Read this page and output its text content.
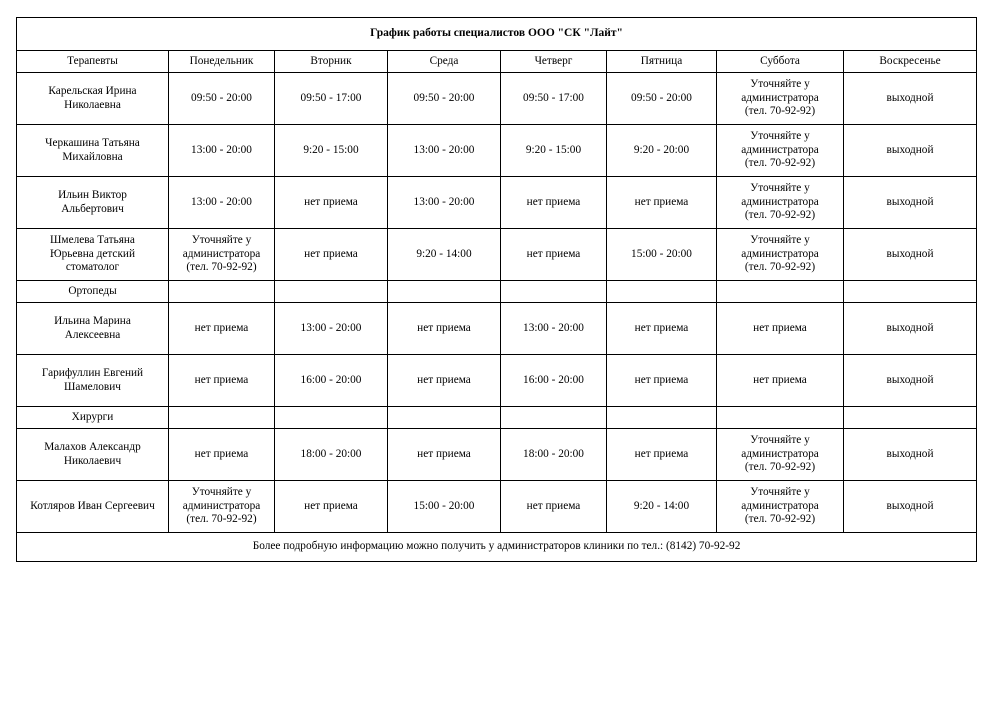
График работы специалистов ООО "СК "Лайт"							

Терапевты	Понедельник	Вторник	Среда	Четверг	Пятница	Суббота	Воскресенье

Карельская Ирина
Николаевна	09:50 - 20:00	09:50 - 17:00	09:50 - 20:00	09:50 - 17:00	09:50 - 20:00	Уточняйте у
администратора
(тел. 70-92-92)	выходной

Черкашина Татьяна
Михайловна	13:00 - 20:00	9:20 - 15:00	13:00 - 20:00	9:20 - 15:00	9:20 - 20:00	Уточняйте у
администратора
(тел. 70-92-92)	выходной

Ильин Виктор
Альбертович	13:00 - 20:00	нет приема	13:00 - 20:00	нет приема	нет приема	Уточняйте у
администратора
(тел. 70-92-92)	выходной

Шмелева Татьяна
Юрьевна детский
стоматолог	Уточняйте у
администратора
(тел. 70-92-92)	нет приема	9:20 - 14:00	нет приема	15:00 - 20:00	Уточняйте у
администратора
(тел. 70-92-92)	выходной

Ортопеды							

Ильина Марина
Алексеевна	нет приема	13:00 - 20:00	нет приема	13:00 - 20:00	нет приема	нет приема	выходной

Гарифуллин Евгений
Шамелович	нет приема	16:00 - 20:00	нет приема	16:00 - 20:00	нет приема	нет приема	выходной

Хирурги							

Малахов Александр
Николаевич	нет приема	18:00 - 20:00	нет приема	18:00 - 20:00	нет приема	Уточняйте у
администратора
(тел. 70-92-92)	выходной

Котляров Иван Сергеевич	Уточняйте у
администратора
(тел. 70-92-92)	нет приема	15:00 - 20:00	нет приема	9:20 - 14:00	Уточняйте у
администратора
(тел. 70-92-92)	выходной

Более подробную информацию можно получить у администраторов клиники по тел.: (8142) 70-92-92							
